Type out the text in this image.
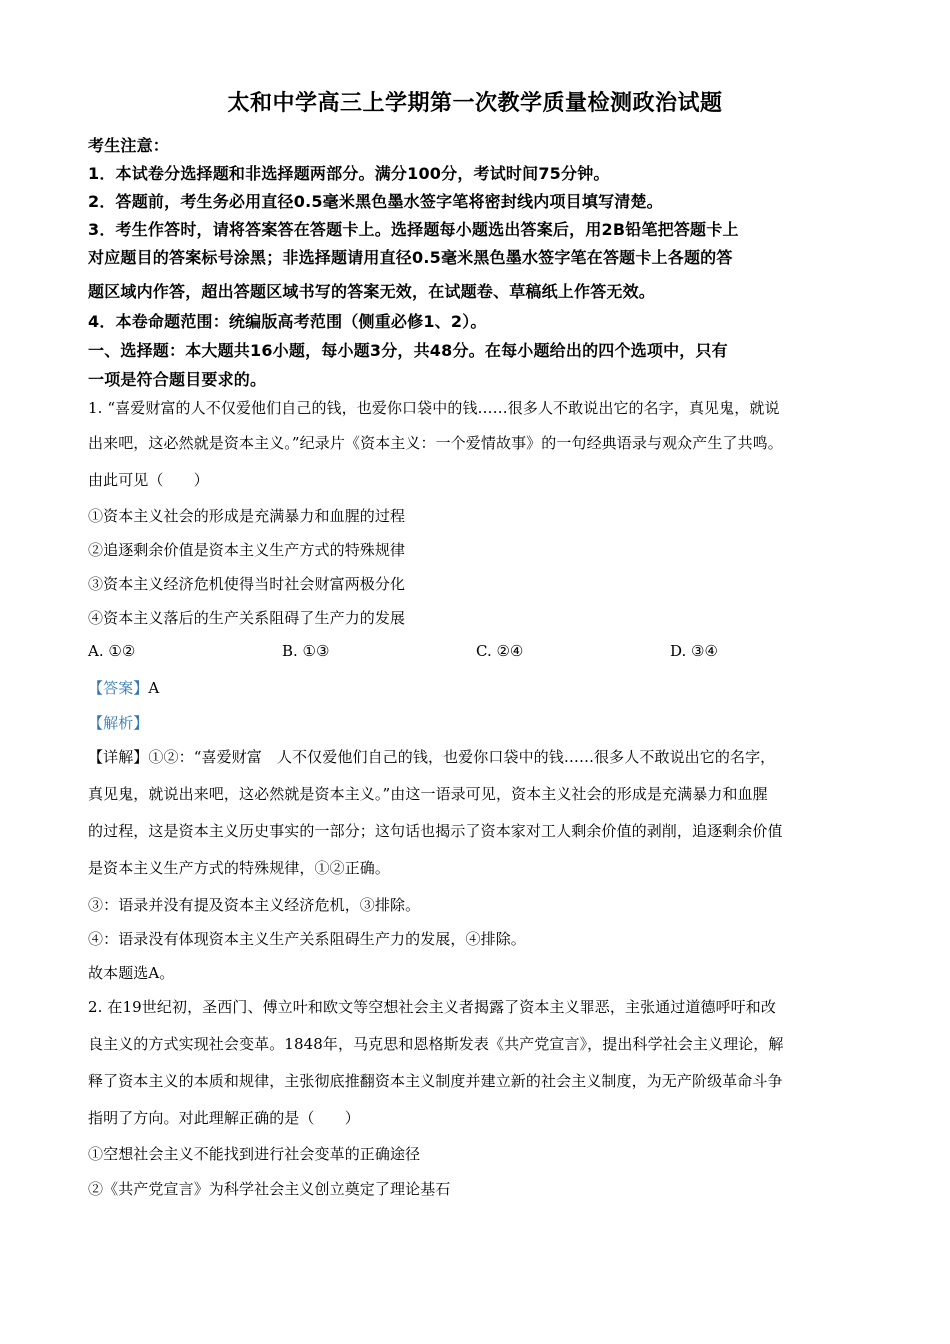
太和中学高三上学期第一次教学质量检测政治试题
考生注意：
1．本试卷分选择题和非选择题两部分。满分100分，考试时间75分钟。
2．答题前，考生务必用直径0.5毫米黑色墨水签字笔将密封线内项目填写清楚。
3．考生作答时，请将答案答在答题卡上。选择题每小题选出答案后，用2B铅笔把答题卡上
对应题目的答案标号涂黑；非选择题请用直径0.5毫米黑色墨水签字笔在答题卡上各题的答
题区域内作答，超出答题区域书写的答案无效，在试题卷、草稿纸上作答无效。
4．本卷命题范围：统编版高考范围（侧重必修1、2）。
一、选择题：本大题共16小题，每小题3分，共48分。在每小题给出的四个选项中，只有
一项是符合题目要求的。
1. “喜爱财富的人不仅爱他们自己的钱，也爱你口袋中的钱……很多人不敢说出它的名字，真见鬼，就说
出来吧，这必然就是资本主义。”纪录片《资本主义：一个爱情故事》的一句经典语录与观众产生了共鸣。
由此可见（　　）
①资本主义社会的形成是充满暴力和血腥的过程
②追逐剩余价值是资本主义生产方式的特殊规律
③资本主义经济危机使得当时社会财富两极分化
④资本主义落后的生产关系阻碍了生产力的发展
A. ①②	B. ①③	C. ②④	D. ③④
【答案】A
【解析】
【详解】①②：“喜爱财富　人不仅爱他们自己的钱，也爱你口袋中的钱……很多人不敢说出它的名字，
真见鬼，就说出来吧，这必然就是资本主义。”由这一语录可见，资本主义社会的形成是充满暴力和血腥
的过程，这是资本主义历史事实的一部分；这句话也揭示了资本家对工人剩余价值的剥削，追逐剩余价值
是资本主义生产方式的特殊规律，①②正确。
③：语录并没有提及资本主义经济危机，③排除。
④：语录没有体现资本主义生产关系阻碍生产力的发展，④排除。
故本题选A。
2. 在19世纪初，圣西门、傅立叶和欧文等空想社会主义者揭露了资本主义罪恶，主张通过道德呼吁和改
良主义的方式实现社会变革。1848年，马克思和恩格斯发表《共产党宣言》，提出科学社会主义理论，解
释了资本主义的本质和规律，主张彻底推翻资本主义制度并建立新的社会主义制度，为无产阶级革命斗争
指明了方向。对此理解正确的是（　　）
①空想社会主义不能找到进行社会变革的正确途径
②《共产党宣言》为科学社会主义创立奠定了理论基石
